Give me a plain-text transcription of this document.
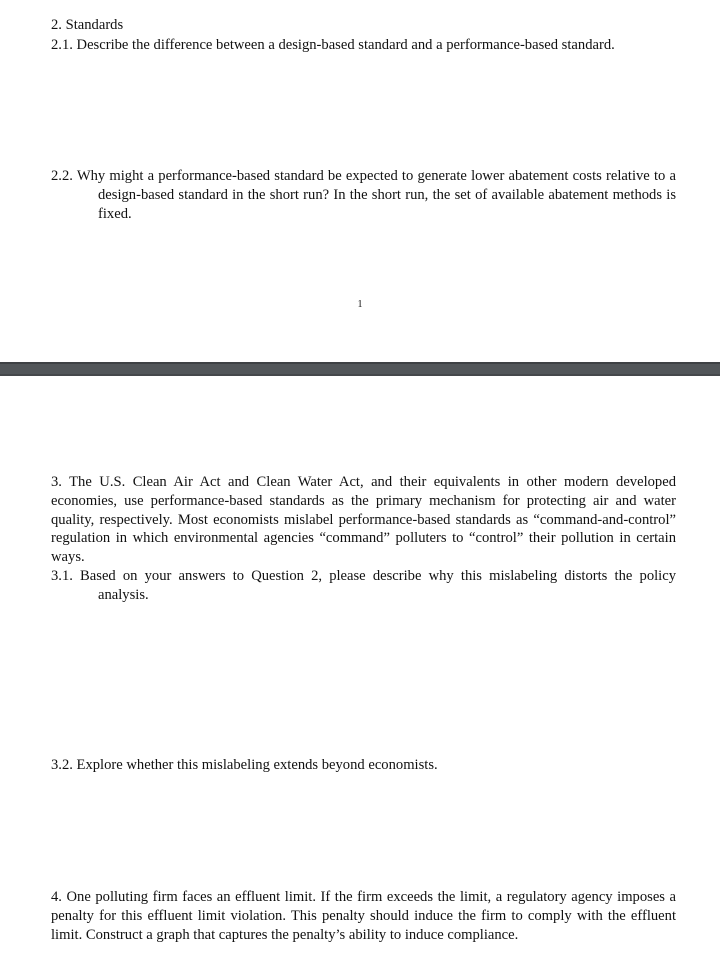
2. Standards

2.1. Describe the difference between a design-based standard and a performance-based standard.

2.2. Why might a performance-based standard be expected to generate lower abatement costs relative to a design-based standard in the short run? In the short run, the set of available abatement methods is fixed.

1

3. The U.S. Clean Air Act and Clean Water Act, and their equivalents in other modern developed economies, use performance-based standards as the primary mechanism for protecting air and water quality, respectively. Most economists mislabel performance-based standards as “command-and-control” regulation in which environmental agencies “command” polluters to “control” their pollution in certain ways.

3.1. Based on your answers to Question 2, please describe why this mislabeling distorts the policy analysis.

3.2. Explore whether this mislabeling extends beyond economists.

4. One polluting firm faces an effluent limit. If the firm exceeds the limit, a regulatory agency imposes a penalty for this effluent limit violation. This penalty should induce the firm to comply with the effluent limit. Construct a graph that captures the penalty’s ability to induce compliance.
